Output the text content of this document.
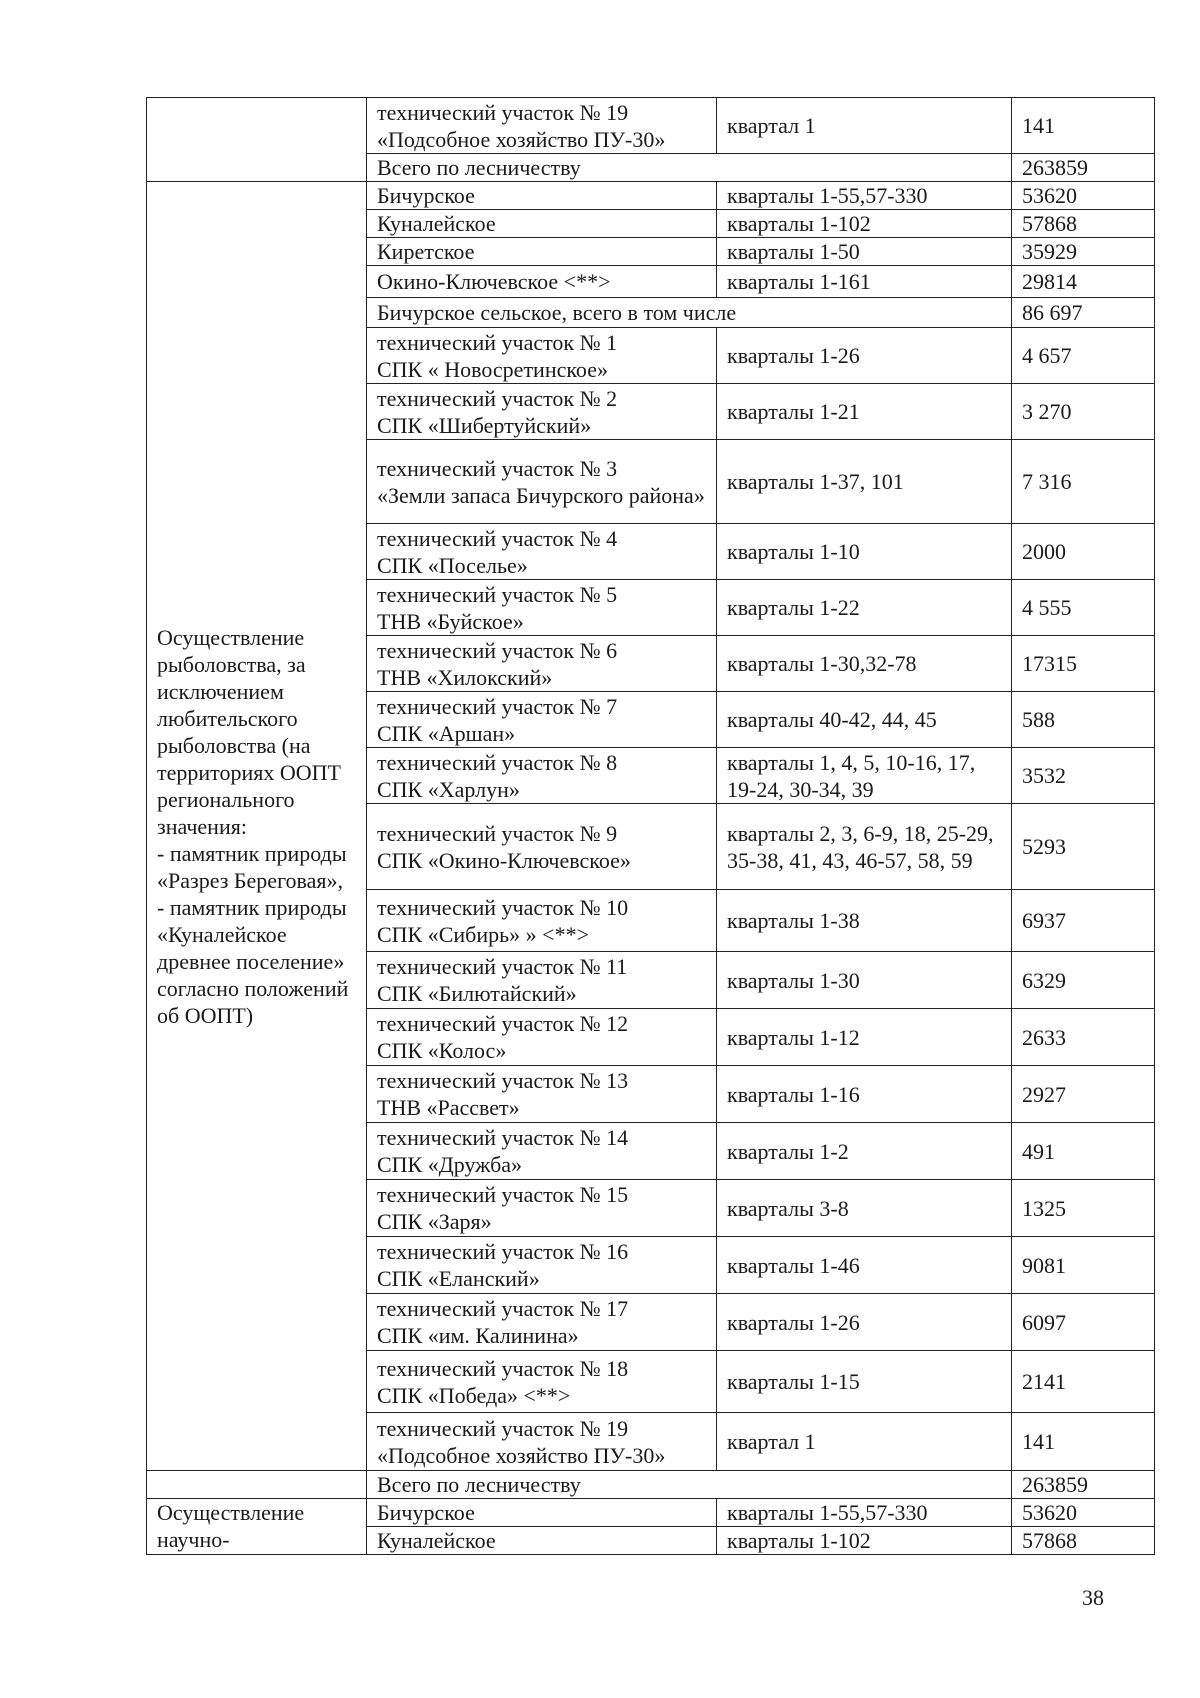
	технический участок № 19
«Подсобное хозяйство ПУ-30»	квартал 1	141
	Всего по лесничеству		263859
Осуществление рыболовства, за исключением любительского рыболовства (на территориях ООПТ регионального значения:
- памятник природы «Разрез Береговая»,
- памятник природы «Куналейское древнее поселение» согласно положений об ООПТ)	Бичурское	кварталы 1-55,57-330	53620
	Куналейское	кварталы 1-102	57868
	Киретское	кварталы 1-50	35929
	Окино-Ключевское <**>	кварталы 1-161	29814
	Бичурское сельское, всего в том числе		86 697
	технический участок № 1
СПК « Новосретинское»	кварталы 1-26	4 657
	технический участок № 2
СПК «Шибертуйский»	кварталы 1-21	3 270
	технический участок № 3
«Земли запаса Бичурского района»	кварталы 1-37, 101	7 316
	технический участок № 4
СПК «Поселье»	кварталы 1-10	2000
	технический участок № 5
ТНВ «Буйское»	кварталы 1-22	4 555
	технический участок № 6
ТНВ «Хилокский»	кварталы 1-30,32-78	17315
	технический участок № 7
СПК «Аршан»	кварталы 40-42, 44, 45	588
	технический участок № 8
СПК «Харлун»	кварталы 1, 4, 5, 10-16, 17, 19-24, 30-34, 39	3532
	технический участок № 9
СПК «Окино-Ключевское»	кварталы 2, 3, 6-9, 18, 25-29, 35-38, 41, 43, 46-57, 58, 59	5293
	технический участок № 10
СПК «Сибирь» » <**>	кварталы 1-38	6937
	технический участок № 11
СПК «Билютайский»	кварталы 1-30	6329
	технический участок № 12
СПК «Колос»	кварталы 1-12	2633
	технический участок № 13
ТНВ «Рассвет»	кварталы 1-16	2927
	технический участок № 14
СПК «Дружба»	кварталы 1-2	491
	технический участок № 15
СПК «Заря»	кварталы 3-8	1325
	технический участок № 16
СПК «Еланский»	кварталы 1-46	9081
	технический участок № 17
СПК «им. Калинина»	кварталы 1-26	6097
	технический участок № 18
СПК «Победа» <**>	кварталы 1-15	2141
	технический участок № 19
«Подсобное хозяйство ПУ-30»	квартал 1	141
	Всего по лесничеству		263859
Осуществление научно-	Бичурское	кварталы 1-55,57-330	53620
	Куналейское	кварталы 1-102	57868
38
